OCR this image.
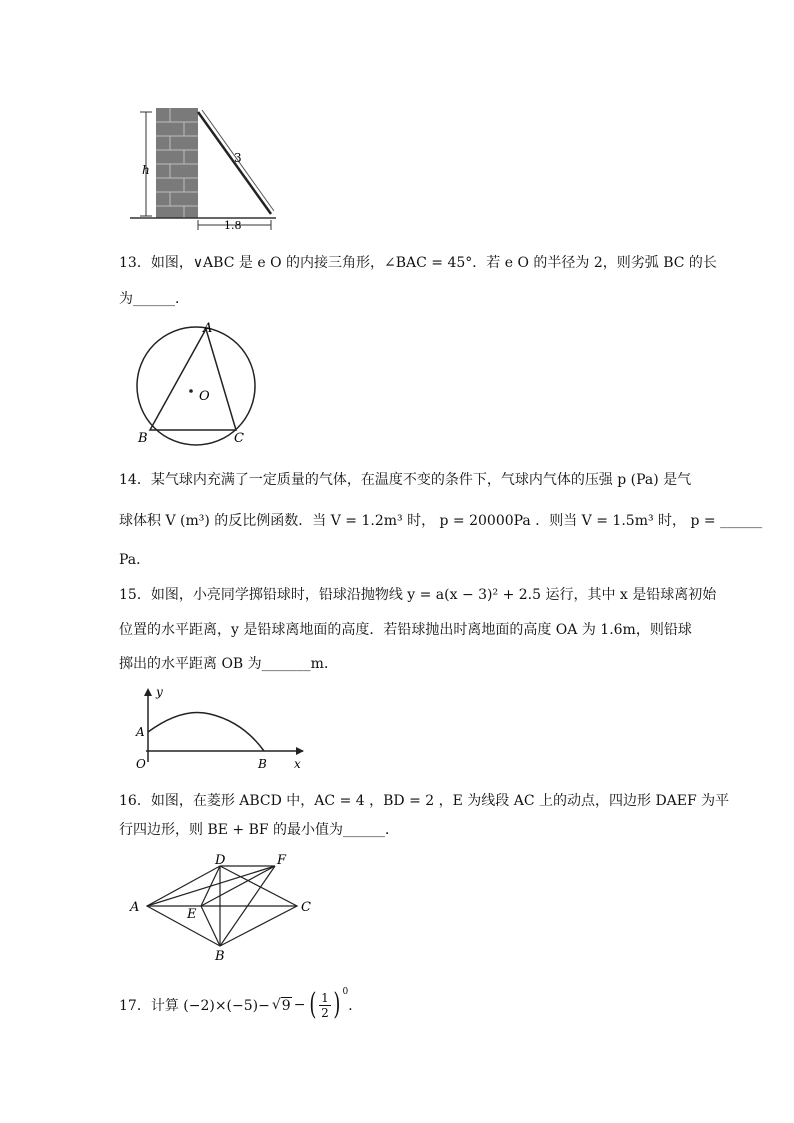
h
3
1.8
13．如图，∨ABC 是 e O 的内接三角形，∠BAC = 45°．若 e O 的半径为 2，则劣弧 BC 的长
为______．
A
O
B	C
14．某气球内充满了一定质量的气体，在温度不变的条件下，气球内气体的压强 p (Pa) 是气
球体积 V (m³) 的反比例函数．当 V = 1.2m³ 时， p = 20000Pa ．则当 V = 1.5m³ 时， p = ______
Pa．
15．如图，小亮同学掷铅球时，铅球沿抛物线 y = a(x − 3)² + 2.5 运行，其中 x 是铅球离初始
位置的水平距离，y 是铅球离地面的高度．若铅球抛出时离地面的高度 OA 为 1.6m，则铅球
掷出的水平距离 OB 为_______m．
y
A
O	B x
16．如图，在菱形 ABCD 中，AC = 4 ，BD = 2 ，E 为线段 AC 上的动点，四边形 DAEF 为平
行四边形，则 BE + BF 的最小值为______．
D	F
A	E	C
B
17．计算 (−2)×(−5)− √ 9 − ( $\frac{1}{2}$ ) 0
．
